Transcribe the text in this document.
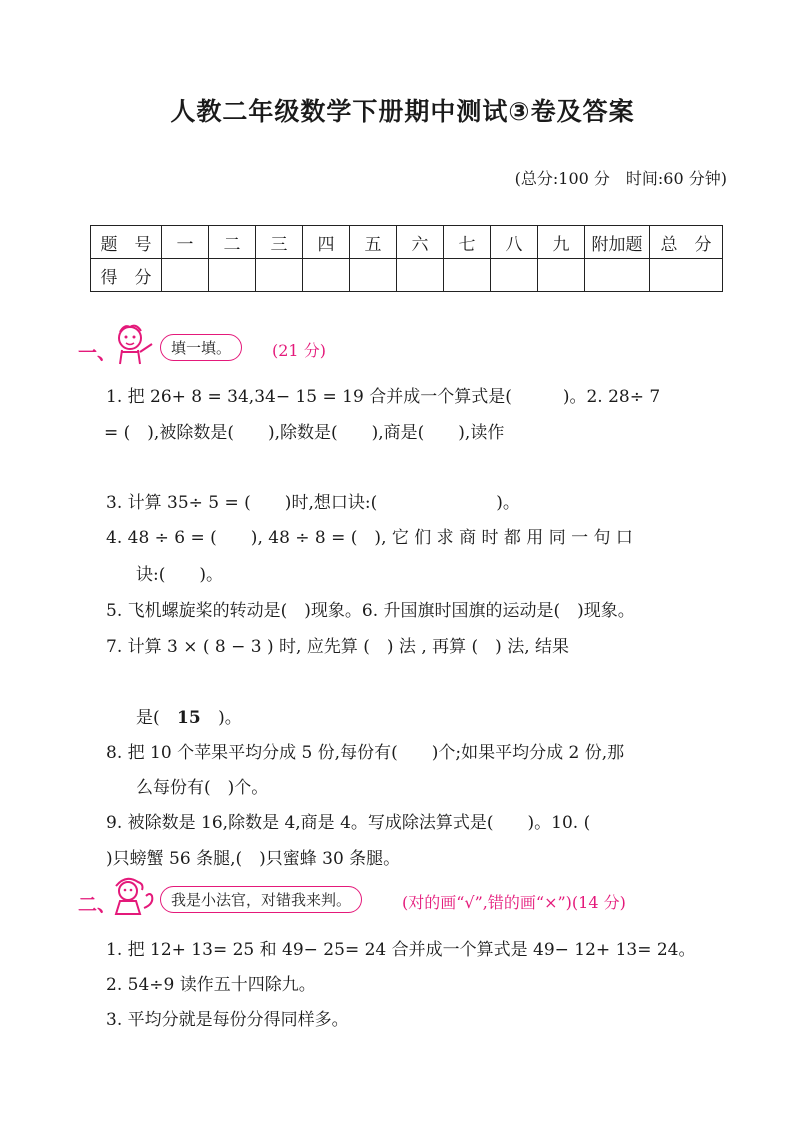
人教二年级数学下册期中测试③卷及答案
(总分:100 分　时间:60 分钟)
题　号	一	二	三	四	五	六	七	八	九	附加题	总　分
得　分											
一、	填一填。	(21 分)
1. 把 26+ 8 = 34,34− 15 = 19 合并成一个算式是(　　　)。2. 28÷ 7
= (　),被除数是(　　),除数是(　　),商是(　　),读作
3. 计算 35÷ 5 = (　　)时,想口诀:(　　　　　　　)。
4. 48 ÷ 6 = (　　), 48 ÷ 8 = (　), 它 们 求 商 时 都 用 同 一 句 口
诀:(　　)。
5. 飞机螺旋桨的转动是(　)现象。6. 升国旗时国旗的运动是(　)现象。
7. 计算 3 × ( 8 − 3 ) 时, 应先算 (　) 法 , 再算 (　) 法, 结果
是( 15 )。
8. 把 10 个苹果平均分成 5 份,每份有(　　)个;如果平均分成 2 份,那
么每份有(　)个。
9. 被除数是 16,除数是 4,商是 4。写成除法算式是(　　)。10. (
)只螃蟹 56 条腿,(　)只蜜蜂 30 条腿。
二、	我是小法官，对错我来判。	(对的画“√”,错的画“×”)(14 分)
1. 把 12+ 13= 25 和 49− 25= 24 合并成一个算式是 49− 12+ 13= 24。
2. 54÷9 读作五十四除九。
3. 平均分就是每份分得同样多。
